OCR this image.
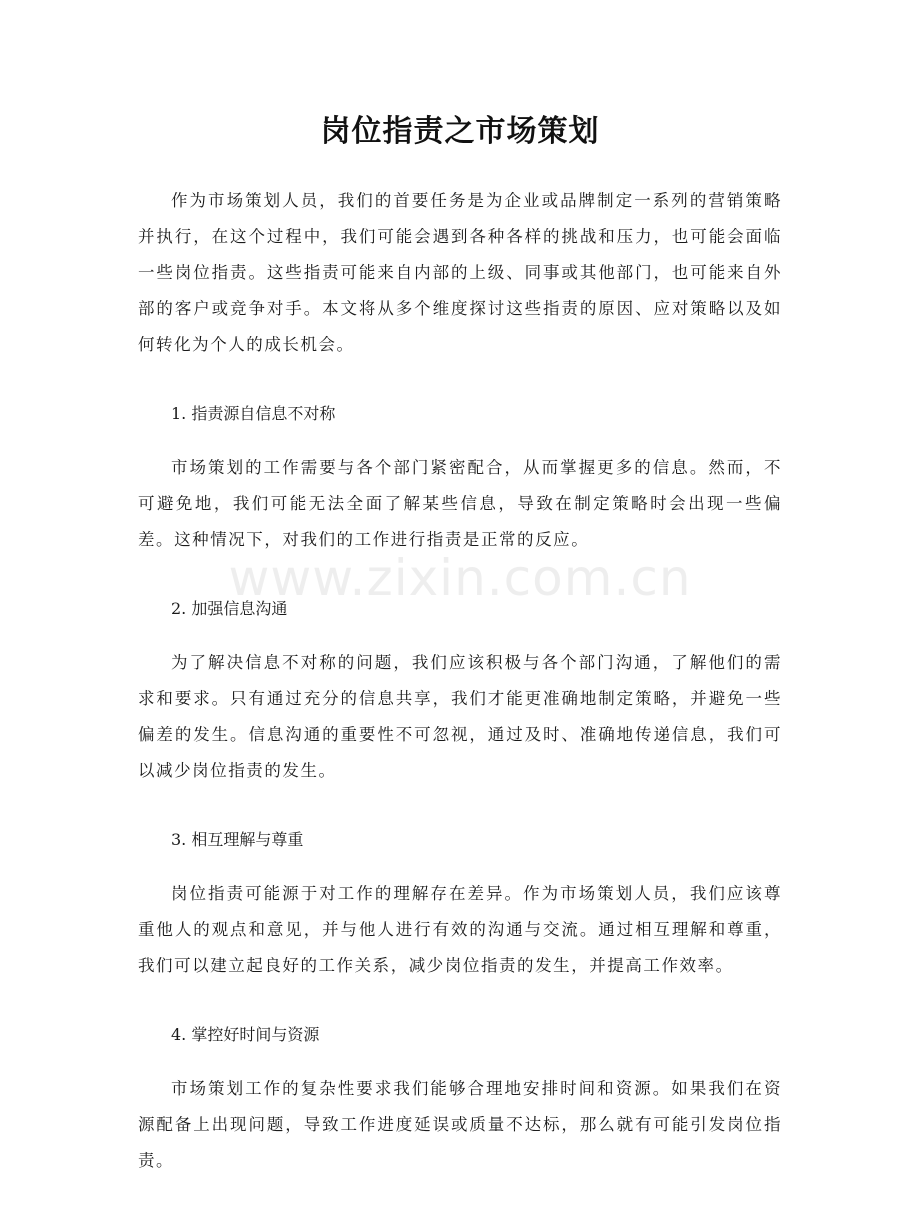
岗位指责之市场策划
www.zixin.com.cn

作为市场策划人员，我们的首要任务是为企业或品牌制定一系列的营销策略并执行，在这个过程中，我们可能会遇到各种各样的挑战和压力，也可能会面临一些岗位指责。这些指责可能来自内部的上级、同事或其他部门，也可能来自外部的客户或竞争对手。本文将从多个维度探讨这些指责的原因、应对策略以及如何转化为个人的成长机会。

1. 指责源自信息不对称

市场策划的工作需要与各个部门紧密配合，从而掌握更多的信息。然而，不可避免地，我们可能无法全面了解某些信息，导致在制定策略时会出现一些偏差。这种情况下，对我们的工作进行指责是正常的反应。

2. 加强信息沟通

为了解决信息不对称的问题，我们应该积极与各个部门沟通，了解他们的需求和要求。只有通过充分的信息共享，我们才能更准确地制定策略，并避免一些偏差的发生。信息沟通的重要性不可忽视，通过及时、准确地传递信息，我们可以减少岗位指责的发生。

3. 相互理解与尊重

岗位指责可能源于对工作的理解存在差异。作为市场策划人员，我们应该尊重他人的观点和意见，并与他人进行有效的沟通与交流。通过相互理解和尊重，我们可以建立起良好的工作关系，减少岗位指责的发生，并提高工作效率。

4. 掌控好时间与资源

市场策划工作的复杂性要求我们能够合理地安排时间和资源。如果我们在资源配备上出现问题，导致工作进度延误或质量不达标，那么就有可能引发岗位指责。
